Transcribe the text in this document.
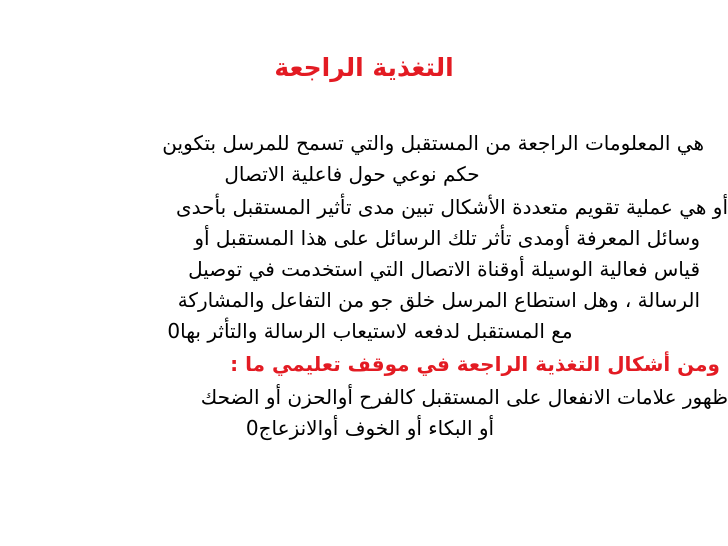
التغذية الراجعة
هي المعلومات الراجعة من المستقبل والتي تسمح للمرسل بتكوين
حكم نوعي حول فاعلية الاتصال
أو هي عملية تقويم متعددة الأشكال تبين مدى تأثير المستقبل بأحدى
وسائل المعرفة أومدى تأثر تلك الرسائل على هذا المستقبل أو
قياس فعالية الوسيلة أوقناة الاتصال التي استخدمت في توصيل
الرسالة ، وهل استطاع المرسل خلق جو من التفاعل والمشاركة
مع المستقبل لدفعه لاستيعاب الرسالة والتأثر بها0
ومن أشكال التغذية الراجعة في موقف تعليمي ما :
ظهور علامات الانفعال على المستقبل كالفرح أوالحزن أو الضحك
أو البكاء أو الخوف أوالانزعاج0
